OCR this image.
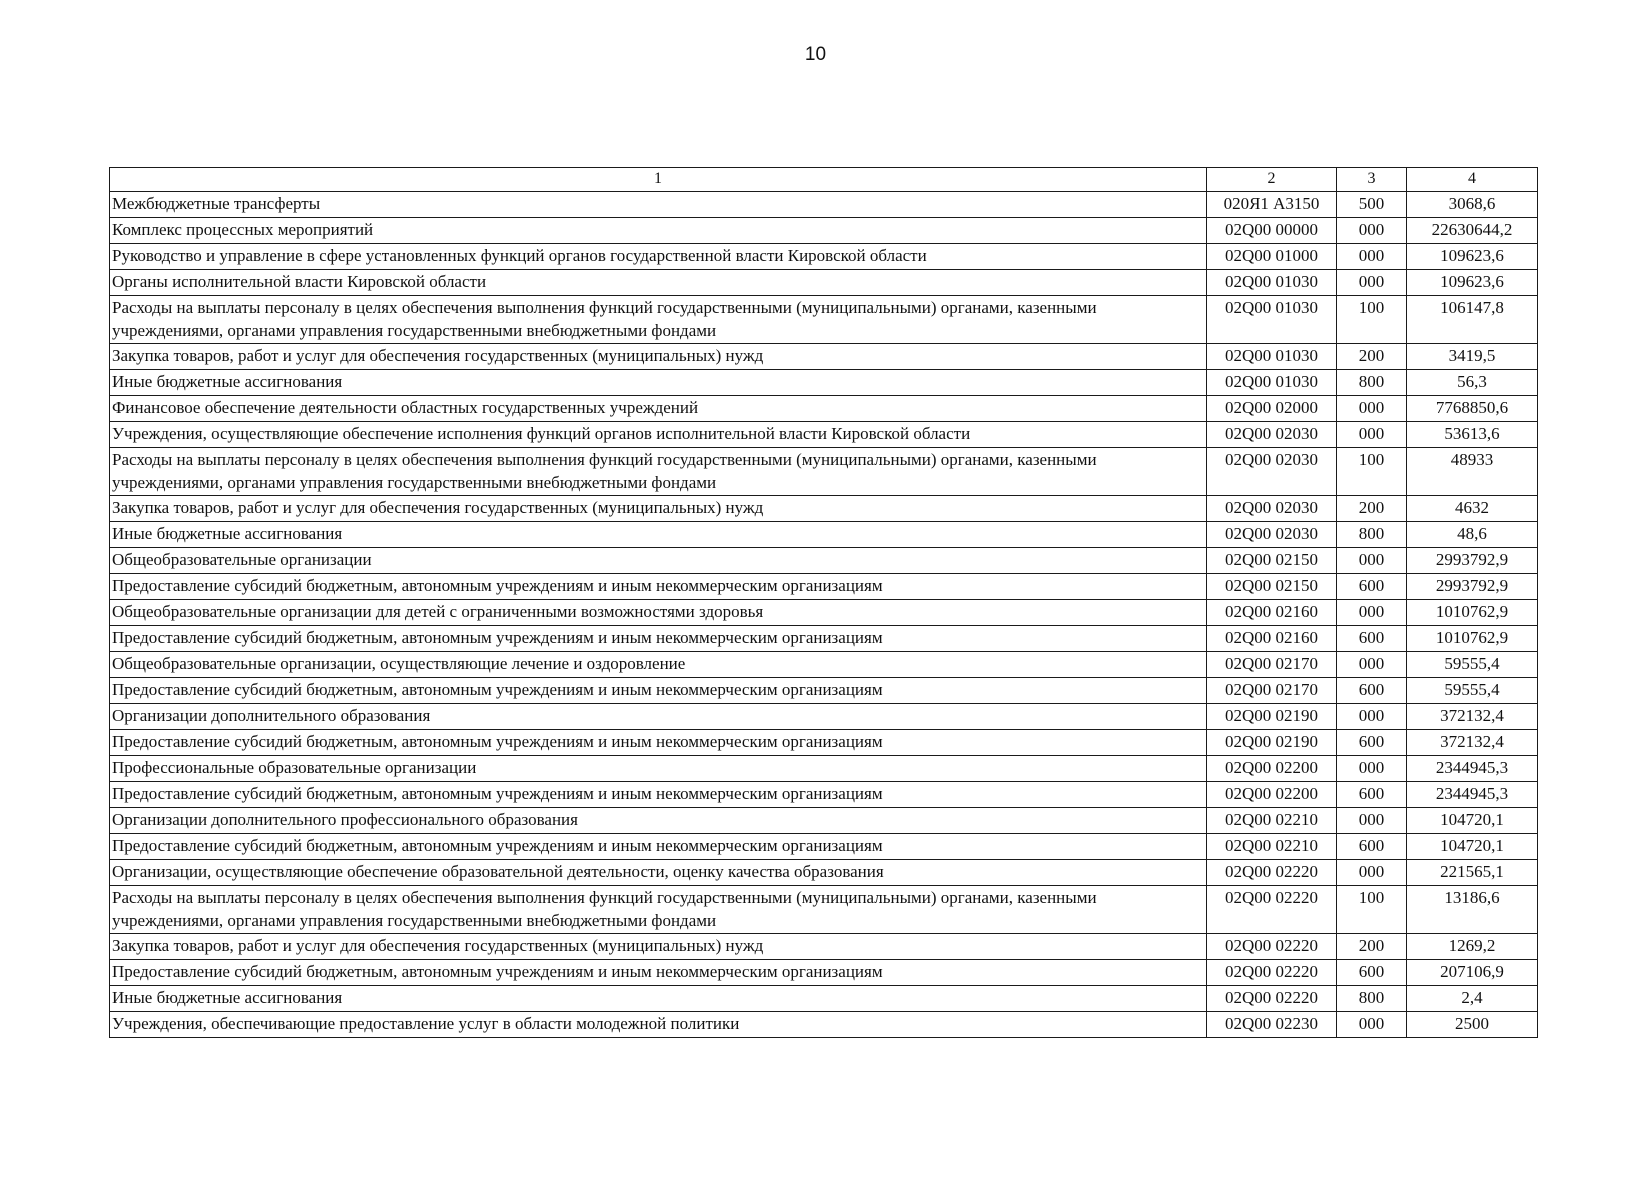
10
1	2	3	4
Межбюджетные трансферты	020Я1 А3150	500	3068,6
Комплекс процессных мероприятий	02Q00 00000	000	22630644,2
Руководство и управление в сфере установленных функций органов государственной власти Кировской области	02Q00 01000	000	109623,6
Органы исполнительной власти Кировской области	02Q00 01030	000	109623,6
Расходы на выплаты персоналу в целях обеспечения выполнения функций государственными (муниципальными) органами, казенными учреждениями, органами управления государственными внебюджетными фондами	02Q00 01030	100	106147,8
Закупка товаров, работ и услуг для обеспечения государственных (муниципальных) нужд	02Q00 01030	200	3419,5
Иные бюджетные ассигнования	02Q00 01030	800	56,3
Финансовое обеспечение деятельности областных государственных учреждений	02Q00 02000	000	7768850,6
Учреждения, осуществляющие обеспечение исполнения функций органов исполнительной власти Кировской области	02Q00 02030	000	53613,6
Расходы на выплаты персоналу в целях обеспечения выполнения функций государственными (муниципальными) органами, казенными учреждениями, органами управления государственными внебюджетными фондами	02Q00 02030	100	48933
Закупка товаров, работ и услуг для обеспечения государственных (муниципальных) нужд	02Q00 02030	200	4632
Иные бюджетные ассигнования	02Q00 02030	800	48,6
Общеобразовательные организации	02Q00 02150	000	2993792,9
Предоставление субсидий бюджетным, автономным учреждениям и иным некоммерческим организациям	02Q00 02150	600	2993792,9
Общеобразовательные организации для детей с ограниченными возможностями здоровья	02Q00 02160	000	1010762,9
Предоставление субсидий бюджетным, автономным учреждениям и иным некоммерческим организациям	02Q00 02160	600	1010762,9
Общеобразовательные организации, осуществляющие лечение и оздоровление	02Q00 02170	000	59555,4
Предоставление субсидий бюджетным, автономным учреждениям и иным некоммерческим организациям	02Q00 02170	600	59555,4
Организации дополнительного образования	02Q00 02190	000	372132,4
Предоставление субсидий бюджетным, автономным учреждениям и иным некоммерческим организациям	02Q00 02190	600	372132,4
Профессиональные образовательные организации	02Q00 02200	000	2344945,3
Предоставление субсидий бюджетным, автономным учреждениям и иным некоммерческим организациям	02Q00 02200	600	2344945,3
Организации дополнительного профессионального образования	02Q00 02210	000	104720,1
Предоставление субсидий бюджетным, автономным учреждениям и иным некоммерческим организациям	02Q00 02210	600	104720,1
Организации, осуществляющие обеспечение образовательной деятельности, оценку качества образования	02Q00 02220	000	221565,1
Расходы на выплаты персоналу в целях обеспечения выполнения функций государственными (муниципальными) органами, казенными учреждениями, органами управления государственными внебюджетными фондами	02Q00 02220	100	13186,6
Закупка товаров, работ и услуг для обеспечения государственных (муниципальных) нужд	02Q00 02220	200	1269,2
Предоставление субсидий бюджетным, автономным учреждениям и иным некоммерческим организациям	02Q00 02220	600	207106,9
Иные бюджетные ассигнования	02Q00 02220	800	2,4
Учреждения, обеспечивающие предоставление услуг в области молодежной политики	02Q00 02230	000	2500
